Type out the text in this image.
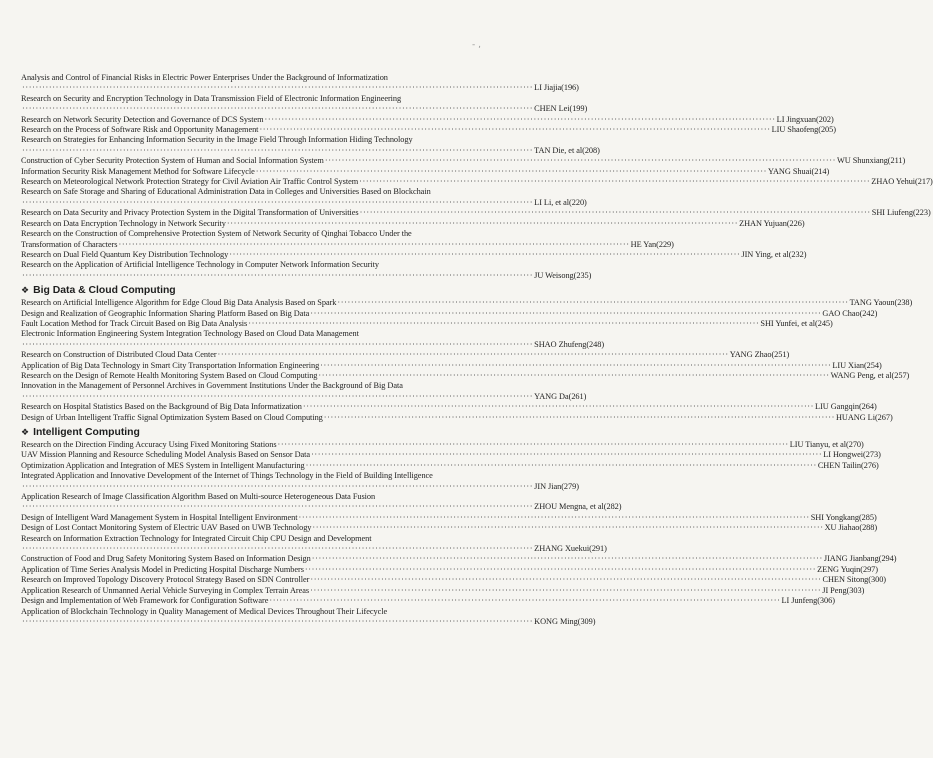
- ,
Analysis and Control of Financial Risks in Electric Power Enterprises Under the Background of Informatization
·····
LI Jiajia(196)
Research on Security and Encryption Technology in Data Transmission Field of Electronic Information Engineering
·····
CHEN Lei(199)
Research on Network Security Detection and Governance of DCS System ·····	LI Jingxuan(202)
Research on the Process of Software Risk and Opportunity Management ·····	LIU Shaofeng(205)
Research on Strategies for Enhancing Information Security in the Image Field Through Information Hiding Technology
·····
TAN Die, et al(208)
Construction of Cyber Security Protection System of Human and Social Information System ·····	WU Shunxiang(211)
Information Security Risk Management Method for Software Lifecycle ·····	YANG Shuai(214)
Research on Meteorological Network Protection Strategy for Civil Aviation Air Traffic Control System ·····	ZHAO Yehui(217)
Research on Safe Storage and Sharing of Educational Administration Data in Colleges and Universities Based on Blockchain
·····
LI Li, et al(220)
Research on Data Security and Privacy Protection System in the Digital Transformation of Universities ·····	SHI Liufeng(223)
Research on Data Encryption Technology in Network Security ·····	ZHAN Yujuan(226)
Research on the Construction of Comprehensive Protection System of Network Security of Qinghai Tobacco Under the
Transformation of Characters ·····	HE Yan(229)
Research on Dual Field Quantum Key Distribution Technology ·····	JIN Ying, et al(232)
Research on the Application of Artificial Intelligence Technology in Computer Network Information Security
·····
JU Weisong(235)
❖ Big Data & Cloud Computing
Research on Artificial Intelligence Algorithm for Edge Cloud Big Data Analysis Based on Spark ·····	TANG Yaoun(238)
Design and Realization of Geographic Information Sharing Platform Based on Big Data ·····	GAO Chao(242)
Fault Location Method for Track Circuit Based on Big Data Analysis ·····	SHI Yunfei, et al(245)
Electronic Information Engineering System Integration Technology Based on Cloud Data Management
·····
SHAO Zhufeng(248)
Research on Construction of Distributed Cloud Data Center ·····	YANG Zhao(251)
Application of Big Data Technology in Smart City Transportation Information Engineering ·····	LIU Xian(254)
Research on the Design of Remote Health Monitoring System Based on Cloud Computing ·····	WANG Peng, et al(257)
Innovation in the Management of Personnel Archives in Government Institutions Under the Background of Big Data
·····
YANG Da(261)
Research on Hospital Statistics Based on the Background of Big Data Informatization ·····	LIU Gangqin(264)
Design of Urban Intelligent Traffic Signal Optimization System Based on Cloud Computing ·····	HUANG Li(267)
❖ Intelligent Computing
Research on the Direction Finding Accuracy Using Fixed Monitoring Stations ·····	LIU Tianyu, et al(270)
UAV Mission Planning and Resource Scheduling Model Analysis Based on Sensor Data ·····	LI Hongwei(273)
Optimization Application and Integration of MES System in Intelligent Manufacturing ·····	CHEN Tailin(276)
Integrated Application and Innovative Development of the Internet of Things Technology in the Field of Building Intelligence
·····
JIN Jian(279)
Application Research of Image Classification Algorithm Based on Multi-source Heterogeneous Data Fusion
·····
ZHOU Mengna, et al(282)
Design of Intelligent Ward Management System in Hospital Intelligent Environment ·····	SHI Yongkang(285)
Design of Lost Contact Monitoring System of Electric UAV Based on UWB Technology ·····	XU Jiahao(288)
Research on Information Extraction Technology for Integrated Circuit Chip CPU Design and Development
·····
ZHANG Xuekui(291)
Construction of Food and Drug Safety Monitoring System Based on Information Design ·····	JIANG Jianbang(294)
Application of Time Series Analysis Model in Predicting Hospital Discharge Numbers ·····	ZENG Yuqin(297)
Research on Improved Topology Discovery Protocol Strategy Based on SDN Controller ·····	CHEN Sitong(300)
Application Research of Unmanned Aerial Vehicle Surveying in Complex Terrain Areas ·····	JI Peng(303)
Design and Implementation of Web Framework for Configuration Software ·····	LI Junfeng(306)
Application of Blockchain Technology in Quality Management of Medical Devices Throughout Their Lifecycle
·····
KONG Ming(309)
